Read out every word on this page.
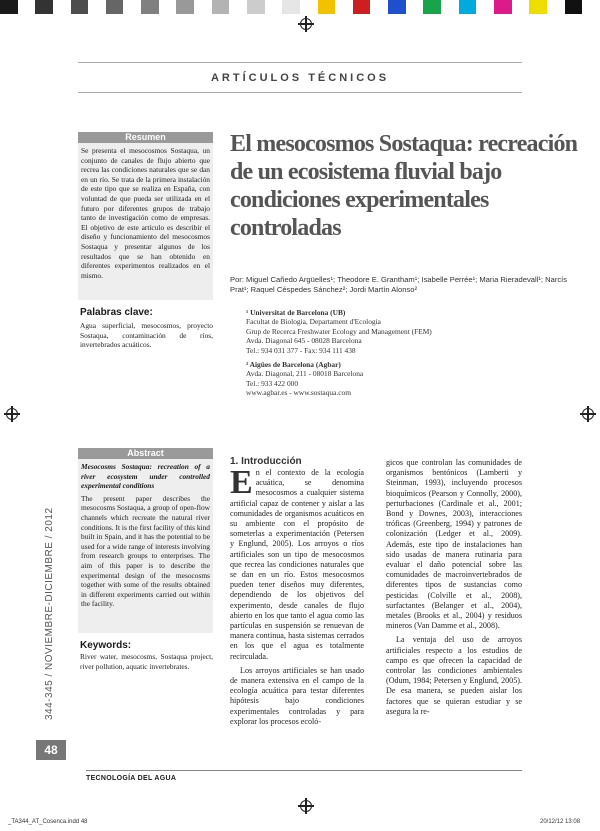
ARTÍCULOS TÉCNICOS
Resumen
Se presenta el mesocosmos Sostaqua, un conjunto de canales de flujo abierto que recrea las condiciones naturales que se dan en un río. Se trata de la primera instalación de este tipo que se realiza en España, con voluntad de que pueda ser utilizada en el futuro por diferentes grupos de trabajo tanto de investigación como de empresas. El objetivo de este artículo es describir el diseño y funcionamiento del mesocosmos Sostaqua y presentar algunos de los resultados que se han obtenido en diferentes experimentos realizados en el mismo.
Palabras clave:
Agua superficial, mesocosmos, proyecto Sostaqua, contaminación de ríos, invertebrados acuáticos.
Abstract
Mesocosms Sostaqua: recreation of a river ecosystem under controlled experimental conditions
The present paper describes the mesocosms Sostaqua, a group of open-flow channels which recreate the natural river conditions. It is the first facility of this kind built in Spain, and it has the potential to be used for a wide range of interests involving from research groups to enterprises. The aim of this paper is to describe the experimental design of the mesocosms together with some of the results obtained in different experiments carried out within the facility.
Keywords:
River water, mesocosms, Sostaqua project, river pollution, aquatic invertebrates.
El mesocosmos Sostaqua: recreación de un ecosistema fluvial bajo condiciones experimentales controladas
Por: Miguel Cañedo Argüelles¹; Theodore E. Grantham¹; Isabelle Perrée¹; Maria Rieradevall¹; Narcís Prat¹; Raquel Céspedes Sánchez²; Jordi Martín Alonso²
¹ Universitat de Barcelona (UB)
Facultat de Biologia, Departament d'Ecologia
Grup de Recerca Freshwater Ecology and Management (FEM)
Avda. Diagonal 645 - 08028 Barcelona
Tel.: 934 031 377 - Fax: 934 111 438
² Aigües de Barcelona (Agbar)
Avda. Diagonal, 211 - 08018 Barcelona
Tel.: 933 422 000
www.agbar.es - www.sostaqua.com
1. Introducción
E n el contexto de la ecología acuática, se denomina mesocosmos a cualquier sistema artificial capaz de contener y aislar a las comunidades de organismos acuáticos en su ambiente con el propósito de someterlas a experimentación (Petersen y Englund, 2005). Los arroyos o ríos artificiales son un tipo de mesocosmos que recrea las condiciones naturales que se dan en un río. Estos mesocosmos pueden tener diseños muy diferentes, dependiendo de los objetivos del experimento, desde canales de flujo abierto en los que tanto el agua como las partículas en suspensión se renuevan de manera continua, hasta sistemas cerrados en los que el agua es totalmente recirculada.
Los arroyos artificiales se han usado de manera extensiva en el campo de la ecología acuática para testar diferentes hipótesis bajo condiciones experimentales controladas y para explorar los procesos ecoló-
gicos que controlan las comunidades de organismos bentónicos (Lamberti y Steinman, 1993), incluyendo procesos bioquímicos (Pearson y Connolly, 2000), perturbaciones (Cardinale et al., 2001; Bond y Downes, 2003), interacciones tróficas (Greenberg, 1994) y patrones de colonización (Ledger et al., 2009). Además, este tipo de instalaciones han sido usadas de manera rutinaria para evaluar el daño potencial sobre las comunidades de macroinvertebrados de diferentes tipos de sustancias como pesticidas (Colville et al., 2008), surfactantes (Belanger et al., 2004), metales (Brooks et al., 2004) y residuos mineros (Van Damme et al., 2008).
La ventaja del uso de arroyos artificiales respecto a los estudios de campo es que ofrecen la capacidad de controlar las condiciones ambientales (Odum, 1984; Petersen y Englund, 2005). De esa manera, se pueden aislar los factores que se quieran estudiar y se asegura la re-
344-345 / NOVIEMBRE-DICIEMBRE / 2012
48
TECNOLOGÍA DEL AGUA
_TA344_AT_Cosenca.indd 48	20/12/12 13:08
